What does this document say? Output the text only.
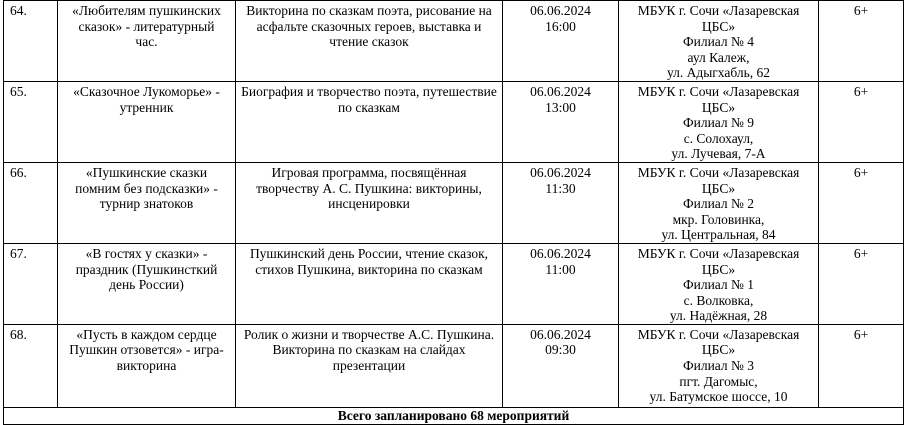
64.	«Любителям пушкинских
сказок» - литературный
час.	Викторина по сказкам поэта, рисование на
асфальте сказочных героев, выставка и
чтение сказок	06.06.2024
16:00	МБУК г. Сочи «Лазаревская
ЦБС»
Филиал № 4
аул Калеж,
ул. Адыгхабль, 62	6+
65.	«Сказочное Лукоморье» -
утренник	Биография и творчество поэта, путешествие
по сказкам	06.06.2024
13:00	МБУК г. Сочи «Лазаревская
ЦБС»
Филиал № 9
с. Солохаул,
ул. Лучевая, 7-А	6+
66.	«Пушкинские сказки
помним без подсказки» -
турнир знатоков	Игровая программа, посвящённая
творчеству А. С. Пушкина: викторины,
инсценировки	06.06.2024
11:30	МБУК г. Сочи «Лазаревская
ЦБС»
Филиал № 2
мкр. Головинка,
ул. Центральная, 84	6+
67.	«В гостях у сказки» -
праздник (Пушкинсткий
день России)	Пушкинский день России, чтение сказок,
стихов Пушкина, викторина по сказкам	06.06.2024
11:00	МБУК г. Сочи «Лазаревская
ЦБС»
Филиал № 1
с. Волковка,
ул. Надёжная, 28	6+
68.	«Пусть в каждом сердце
Пушкин отзовется» - игра-
викторина	Ролик о жизни и творчестве А.С. Пушкина.
Викторина по сказкам на слайдах
презентации	06.06.2024
09:30	МБУК г. Сочи «Лазаревская
ЦБС»
Филиал № 3
пгт. Дагомыс,
ул. Батумское шоссе, 10	6+
Всего запланировано 68 мероприятий					
